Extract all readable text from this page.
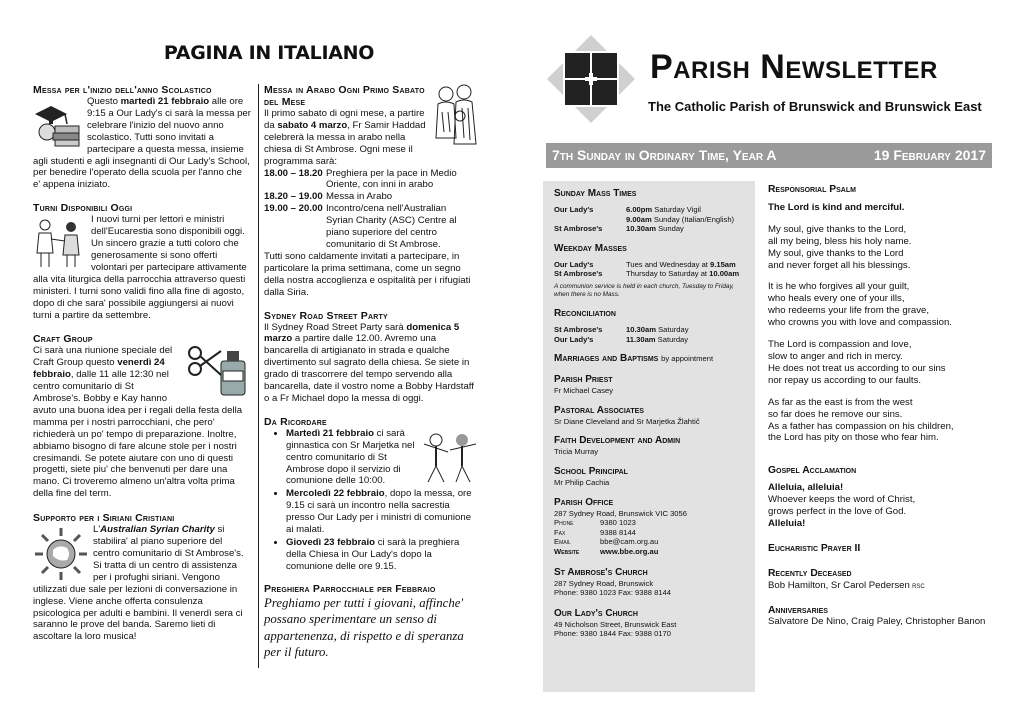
PAGINA IN ITALIANO

Messa per l'inizio dell'anno Scolastico

Questo martedì 21 febbraio alle ore 9:15 a Our Lady's ci sarà la messa per celebrare l'inizio del nuovo anno scolastico. Tutti sono invitati a partecipare a questa messa, insieme agli studenti e agli insegnanti di Our Lady's School, per benedire l'operato della scuola per l'anno che e' appena iniziato.

Turni Disponibili Oggi

I nuovi turni per lettori e ministri dell'Eucarestia sono disponibili oggi. Un sincero grazie a tutti coloro che generosamente si sono offerti volontari per partecipare attivamente alla vita liturgica della parrocchia attraverso questi ministeri. I turni sono validi fino alla fine di agosto, dopo di che sara' possibile aggiungersi ai nuovi turni a partire da settembre.

Craft Group

Ci sarà una riunione speciale del Craft Group questo venerdì 24 febbraio, dalle 11 alle 12:30 nel centro comunitario di St Ambrose's. Bobby e Kay hanno avuto una buona idea per i regali della festa della mamma per i nostri parrocchiani, che pero' richiederà un po' tempo di preparazione. Inoltre, abbiamo bisogno di fare alcune stole per i nostri cresimandi. Se potete aiutare con uno di questi progetti, siete piu' che benvenuti per dare una mano. Ci troveremo almeno un'altra volta prima della fine del term.

Supporto per i Siriani Cristiani

L'Australian Syrian Charity si stabilira' al piano superiore del centro comunitario di St Ambrose's. Si tratta di un centro di assistenza per i profughi siriani. Vengono utilizzati due sale per lezioni di conversazione in inglese. Viene anche offerta consulenza psicologica per adulti e bambini. Il venerdì sera ci saranno le prove del banda. Saremo lieti di ascoltare la loro musica!

Messa in Arabo Ogni Primo Sabato del Mese

Il primo sabato di ogni mese, a partire da sabato 4 marzo, Fr Samir Haddad celebrerà la messa in arabo nella chiesa di St Ambrose. Ogni mese il programma sarà:

18.00 – 18.20 Preghiera per la pace in Medio Oriente, con inni in arabo
18.20 – 19.00 Messa in Arabo
19.00 – 20.00 Incontro/cena nell'Australian Syrian Charity (ASC) Centre al piano superiore del centro comunitario di St Ambrose.

Tutti sono caldamente invitati a partecipare, in particolare la prima settimana, come un segno della nostra accoglienza e ospitalità per i rifugiati dalla Siria.

Sydney Road Street Party

Il Sydney Road Street Party sarà domenica 5 marzo a partire dalle 12.00. Avremo una bancarella di artigianato in strada e qualche divertimento sul sagrato della chiesa. Se siete in grado di trascorrere del tempo servendo alla bancarella, date il vostro nome a Bobby Hardstaff o a Fr Michael dopo la messa di oggi.

Da Ricordare

• Martedì 21 febbraio ci sarà ginnastica con Sr Marjetka nel centro comunitario di St Ambrose dopo il servizio di comunione delle 10:00.
• Mercoledì 22 febbraio, dopo la messa, ore 9.15 ci sarà un incontro nella sacrestia presso Our Lady per i ministri di comunione ai malati.
• Giovedì 23 febbraio ci sarà la preghiera della Chiesa in Our Lady's dopo la comunione delle ore 9.15.

Preghiera Parrocchiale per Febbraio

Preghiamo per tutti i giovani, affinche' possano sperimentare un senso di appartenenza, di rispetto e di speranza per il futuro.

Parish Newsletter
The Catholic Parish of Brunswick and Brunswick East
7th Sunday in Ordinary Time, Year A	19 February 2017

Sunday Mass Times

Our Lady's	6.00pm Saturday Vigil
9.00am Sunday (Italian/English)
St Ambrose's	10.30am Sunday

Weekday Masses

Our Lady's	Tues and Wednesday at 9.15am
St Ambrose's	Thursday to Saturday at 10.00am

A communion service is held in each church, Tuesday to Friday, when there is no Mass.

Reconciliation

St Ambrose's	10.30am Saturday
Our Lady's	11.30am Saturday

Marriages and Baptisms by appointment

Parish Priest

Fr Michael Casey

Pastoral Associates

Sr Diane Cleveland and Sr Marjetka Žlahtič

Faith Development and Admin

Tricia Murray

School Principal

Mr Philip Cachia

Parish Office

287 Sydney Road, Brunswick VIC 3056

Phone	9380 1023
Fax	9388 8144
Email	bbe@cam.org.au
Website	www.bbe.org.au

St Ambrose's Church

287 Sydney Road, Brunswick

Phone: 9380 1023 Fax: 9388 8144

Our Lady's Church

49 Nicholson Street, Brunswick East

Phone: 9380 1844 Fax: 9388 0170

Responsorial Psalm

The Lord is kind and merciful.

My soul, give thanks to the Lord,

all my being, bless his holy name.

My soul, give thanks to the Lord

and never forget all his blessings.

It is he who forgives all your guilt,

who heals every one of your ills,

who redeems your life from the grave,

who crowns you with love and compassion.

The Lord is compassion and love,

slow to anger and rich in mercy.

He does not treat us according to our sins

nor repay us according to our faults.

As far as the east is from the west

so far does he remove our sins.

As a father has compassion on his children,

the Lord has pity on those who fear him.

Gospel Acclamation

Alleluia, alleluia!

Whoever keeps the word of Christ,

grows perfect in the love of God.

Alleluia!

Eucharistic Prayer II

Recently Deceased

Bob Hamilton, Sr Carol Pedersen rsc

Anniversaries

Salvatore De Nino, Craig Paley, Christopher Banon
